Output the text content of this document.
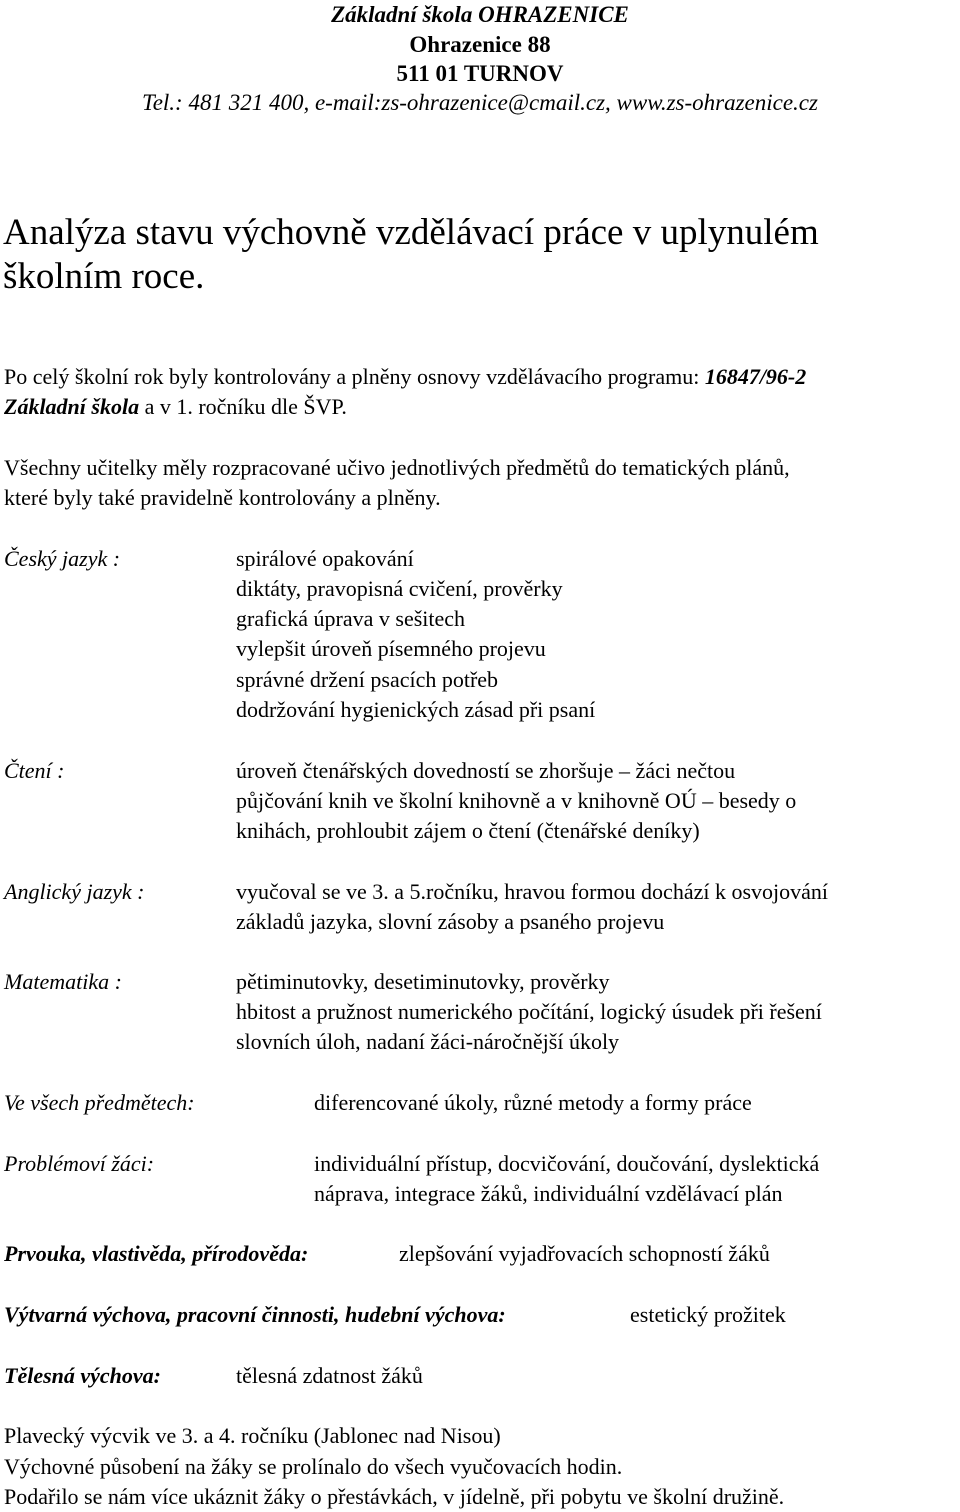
Základní škola OHRAZENICE
Ohrazenice 88
511 01 TURNOV
Tel.: 481 321 400, e-mail:zs-ohrazenice@cmail.cz, www.zs-ohrazenice.cz
Analýza stavu výchovně vzdělávací práce v uplynulém
školním roce.
Po celý školní rok byly kontrolovány a plněny osnovy vzdělávacího programu: 16847/96-2
Základní škola a v 1. ročníku dle ŠVP.
Všechny učitelky měly rozpracované učivo jednotlivých předmětů do tematických plánů,
které byly také pravidelně kontrolovány a plněny.
Český jazyk :	spirálové opakování
diktáty, pravopisná cvičení, prověrky
grafická úprava v sešitech
vylepšit úroveň písemného projevu
správné držení psacích potřeb
dodržování hygienických zásad při psaní
Čtení :	úroveň čtenářských dovedností se zhoršuje – žáci nečtou
půjčování knih ve školní knihovně a v knihovně OÚ – besedy o
knihách, prohloubit zájem o čtení (čtenářské deníky)
Anglický jazyk :	vyučoval se ve 3. a 5.ročníku, hravou formou dochází k osvojování
základů jazyka, slovní zásoby a psaného projevu
Matematika :	pětiminutovky, desetiminutovky, prověrky
hbitost a pružnost numerického počítání, logický úsudek při řešení
slovních úloh, nadaní žáci-náročnější úkoly
Ve všech předmětech:	diferencované úkoly, různé metody a formy práce
Problémoví žáci:	individuální přístup, docvičování, doučování, dyslektická
náprava, integrace žáků, individuální vzdělávací plán
Prvouka, vlastivěda, přírodověda:	zlepšování vyjadřovacích schopností žáků
Výtvarná výchova, pracovní činnosti, hudební výchova:	estetický prožitek
Tělesná výchova:	tělesná zdatnost žáků
Plavecký výcvik ve 3. a 4. ročníku (Jablonec nad Nisou)
Výchovné působení na žáky se prolínalo do všech vyučovacích hodin.
Podařilo se nám více ukáznit žáky o přestávkách, v jídelně, při pobytu ve školní družině.
